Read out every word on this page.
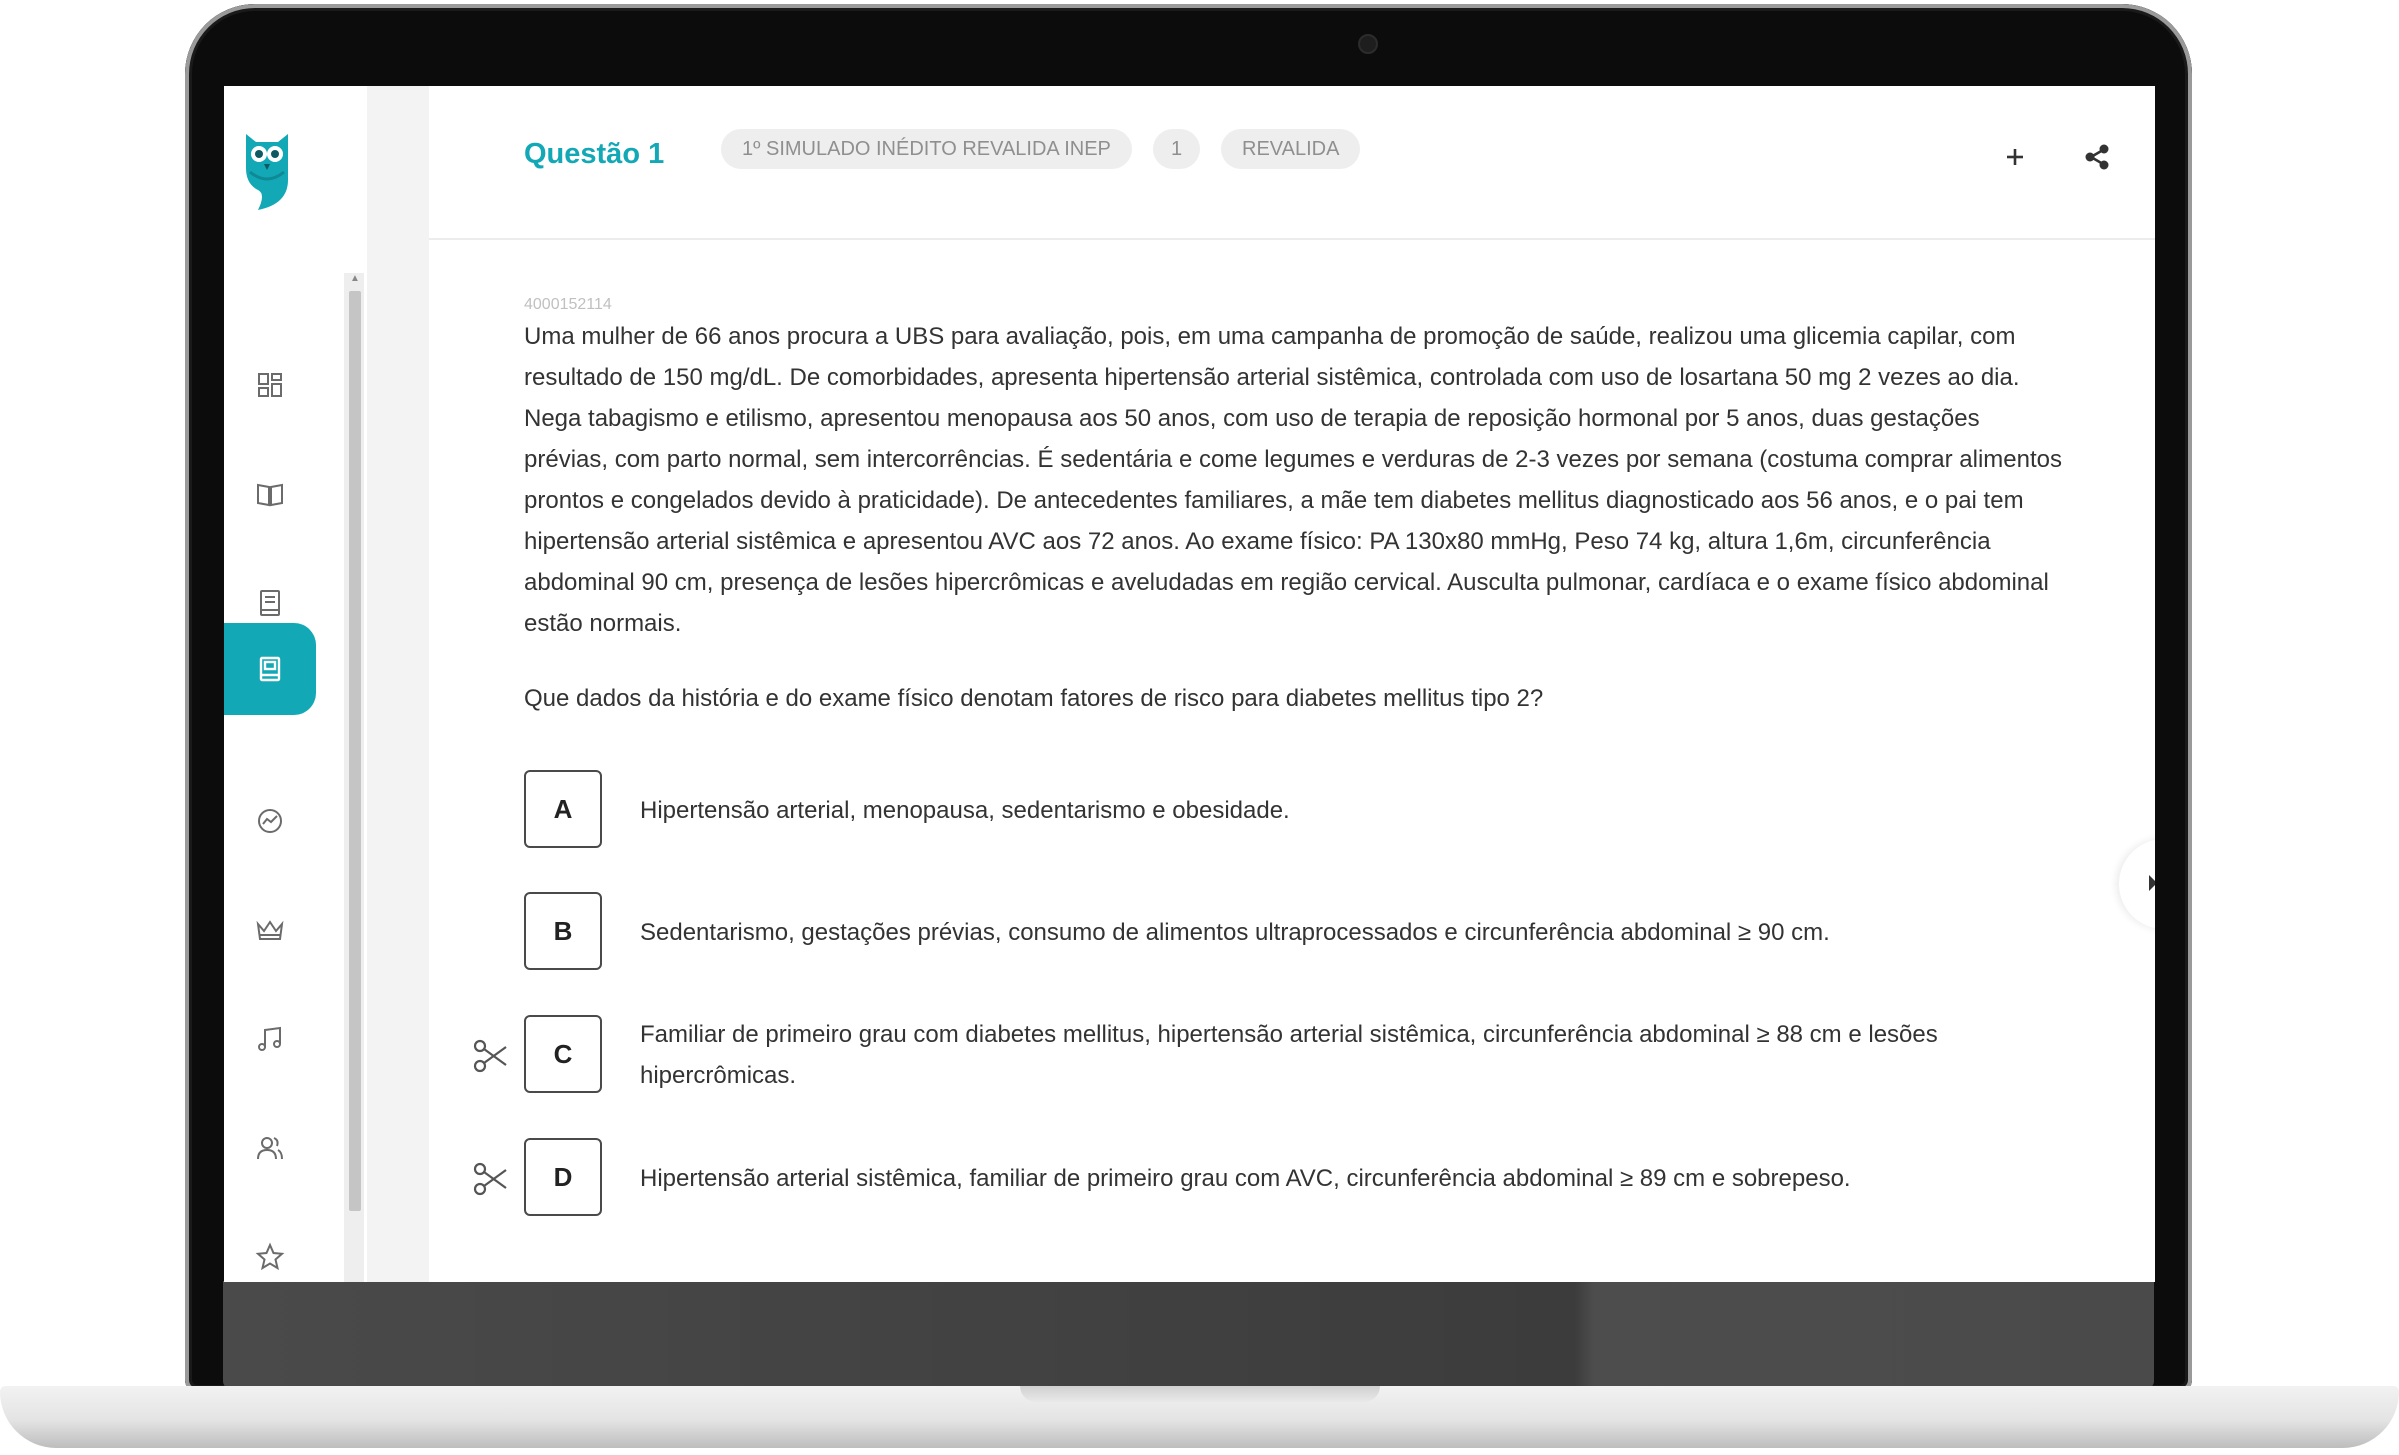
▲
Questão 1	1º SIMULADO INÉDITO REVALIDA INEP	1	REVALIDA
4000152114

Uma mulher de 66 anos procura a UBS para avaliação, pois, em uma campanha de promoção de saúde, realizou uma glicemia capilar, com resultado de 150 mg/dL. De comorbidades, apresenta hipertensão arterial sistêmica, controlada com uso de losartana 50 mg 2 vezes ao dia. Nega tabagismo e etilismo, apresentou menopausa aos 50 anos, com uso de terapia de reposição hormonal por 5 anos, duas gestações prévias, com parto normal, sem intercorrências. É sedentária e come legumes e verduras de 2-3 vezes por semana (costuma comprar alimentos prontos e congelados devido à praticidade). De antecedentes familiares, a mãe tem diabetes mellitus diagnosticado aos 56 anos, e o pai tem hipertensão arterial sistêmica e apresentou AVC aos 72 anos. Ao exame físico: PA 130x80 mmHg, Peso 74 kg, altura 1,6m, circunferência abdominal 90 cm, presença de lesões hipercrômicas e aveludadas em região cervical. Ausculta pulmonar, cardíaca e o exame físico abdominal estão normais.

Que dados da história e do exame físico denotam fatores de risco para diabetes mellitus tipo 2?
A	Hipertensão arterial, menopausa, sedentarismo e obesidade.
B	Sedentarismo, gestações prévias, consumo de alimentos ultraprocessados e circunferência abdominal ≥ 90 cm.
C
Familiar de primeiro grau com diabetes mellitus, hipertensão arterial sistêmica, circunferência abdominal ≥ 88 cm e lesões hipercrômicas.
D	Hipertensão arterial sistêmica, familiar de primeiro grau com AVC, circunferência abdominal ≥ 89 cm e sobrepeso.
